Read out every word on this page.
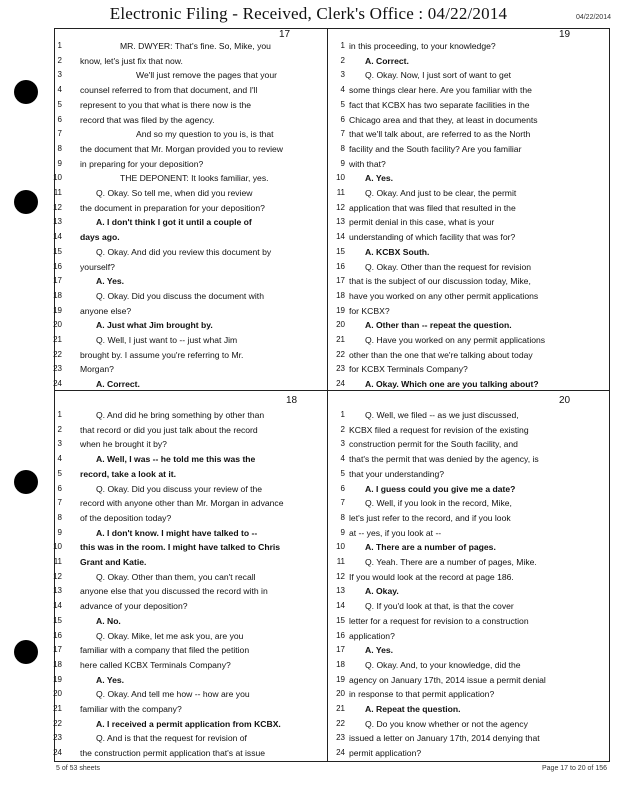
Electronic Filing - Received, Clerk's Office : 04/22/2014	04/22/2014
17
1	MR. DWYER: That's fine. So, Mike, you
2 know, let's just fix that now.
3	We'll just remove the pages that your
4 counsel referred to from that document, and I'll
5 represent to you that what is there now is the
6 record that was filed by the agency.
7	And so my question to you is, is that
8 the document that Mr. Morgan provided you to review
9 in preparing for your deposition?
10	THE DEPONENT: It looks familiar, yes.
11	Q. Okay. So tell me, when did you review
12 the document in preparation for your deposition?
13	A. I don't think I got it until a couple of
14 days ago.
15	Q. Okay. And did you review this document by
16 yourself?
17	A. Yes.
18	Q. Okay. Did you discuss the document with
19 anyone else?
20	A. Just what Jim brought by.
21	Q. Well, I just want to -- just what Jim
22 brought by. I assume you're referring to Mr.
23 Morgan?
24	A. Correct.
19
1 in this proceeding, to your knowledge?
2 A. Correct.
3 Q. Okay. Now, I just sort of want to get
4 some things clear here. Are you familiar with the
5 fact that KCBX has two separate facilities in the
6 Chicago area and that they, at least in documents
7 that we'll talk about, are referred to as the North
8 facility and the South facility? Are you familiar
9 with that?
10 A. Yes.
11 Q. Okay. And just to be clear, the permit
12 application that was filed that resulted in the
13 permit denial in this case, what is your
14 understanding of which facility that was for?
15 A. KCBX South.
16 Q. Okay. Other than the request for revision
17 that is the subject of our discussion today, Mike,
18 have you worked on any other permit applications
19 for KCBX?
20 A. Other than -- repeat the question.
21 Q. Have you worked on any permit applications
22 other than the one that we're talking about today
23 for KCBX Terminals Company?
24 A. Okay. Which one are you talking about?
18
1	Q. And did he bring something by other than
2 that record or did you just talk about the record
3 when he brought it by?
4	A. Well, I was -- he told me this was the
5 record, take a look at it.
6	Q. Okay. Did you discuss your review of the
7 record with anyone other than Mr. Morgan in advance
8 of the deposition today?
9	A. I don't know. I might have talked to --
10 this was in the room. I might have talked to Chris
11 Grant and Katie.
12	Q. Okay. Other than them, you can't recall
13 anyone else that you discussed the record with in
14 advance of your deposition?
15	A. No.
16	Q. Okay. Mike, let me ask you, are you
17 familiar with a company that filed the petition
18 here called KCBX Terminals Company?
19	A. Yes.
20	Q. Okay. And tell me how -- how are you
21 familiar with the company?
22	A. I received a permit application from KCBX.
23	Q. And is that the request for revision of
24 the construction permit application that's at issue
20
1 Q. Well, we filed -- as we just discussed,
2 KCBX filed a request for revision of the existing
3 construction permit for the South facility, and
4 that's the permit that was denied by the agency, is
5 that your understanding?
6 A. I guess could you give me a date?
7 Q. Well, if you look in the record, Mike,
8 let's just refer to the record, and if you look
9 at -- yes, if you look at --
10 A. There are a number of pages.
11 Q. Yeah. There are a number of pages, Mike.
12 If you would look at the record at page 186.
13 A. Okay.
14 Q. If you'd look at that, is that the cover
15 letter for a request for revision to a construction
16 application?
17 A. Yes.
18 Q. Okay. And, to your knowledge, did the
19 agency on January 17th, 2014 issue a permit denial
20 in response to that permit application?
21 A. Repeat the question.
22 Q. Do you know whether or not the agency
23 issued a letter on January 17th, 2014 denying that
24 permit application?
5 of 53 sheets	Page 17 to 20 of 156
